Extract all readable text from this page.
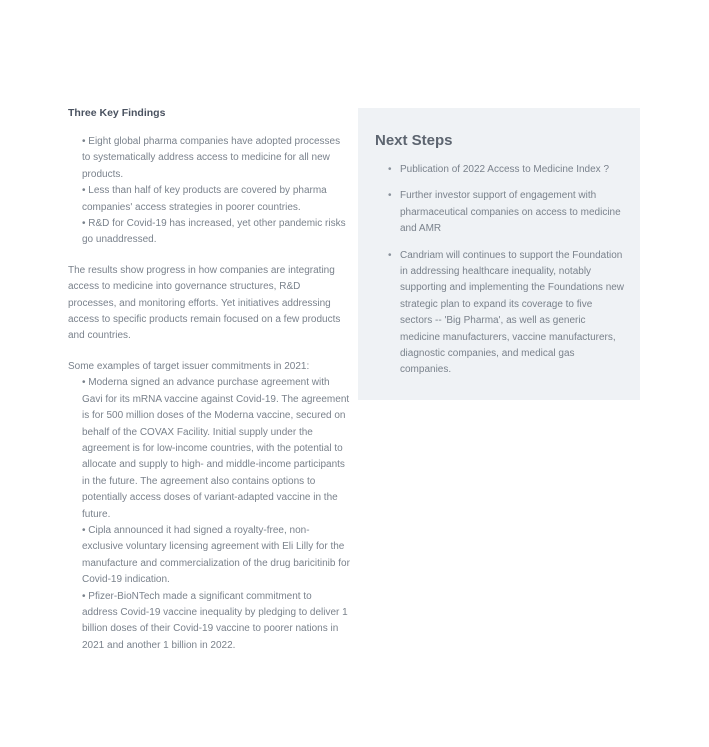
Three Key Findings
• Eight global pharma companies have adopted processes to systematically address access to medicine for all new products.
• Less than half of key products are covered by pharma companies' access strategies in poorer countries.
• R&D for Covid-19 has increased, yet other pandemic risks go unaddressed.

The results show progress in how companies are integrating access to medicine into governance structures, R&D processes, and monitoring efforts. Yet initiatives addressing access to specific products remain focused on a few products and countries.

Some examples of target issuer commitments in 2021:

• Moderna signed an advance purchase agreement with Gavi for its mRNA vaccine against Covid-19. The agreement is for 500 million doses of the Moderna vaccine, secured on behalf of the COVAX Facility. Initial supply under the agreement is for low-income countries, with the potential to allocate and supply to high- and middle-income participants in the future. The agreement also contains options to potentially access doses of variant-adapted vaccine in the future.
• Cipla announced it had signed a royalty-free, non-exclusive voluntary licensing agreement with Eli Lilly for the manufacture and commercialization of the drug baricitinib for Covid-19 indication.
• Pfizer-BioNTech made a significant commitment to address Covid-19 vaccine inequality by pledging to deliver 1 billion doses of their Covid-19 vaccine to poorer nations in 2021 and another 1 billion in 2022.
Next Steps
• Publication of 2022 Access to Medicine Index ?
• Further investor support of engagement with pharmaceutical companies on access to medicine and AMR
• Candriam will continues to support the Foundation in addressing healthcare inequality, notably supporting and implementing the Foundations new strategic plan to expand its coverage to five sectors -- 'Big Pharma', as well as generic medicine manufacturers, vaccine manufacturers, diagnostic companies, and medical gas companies.
